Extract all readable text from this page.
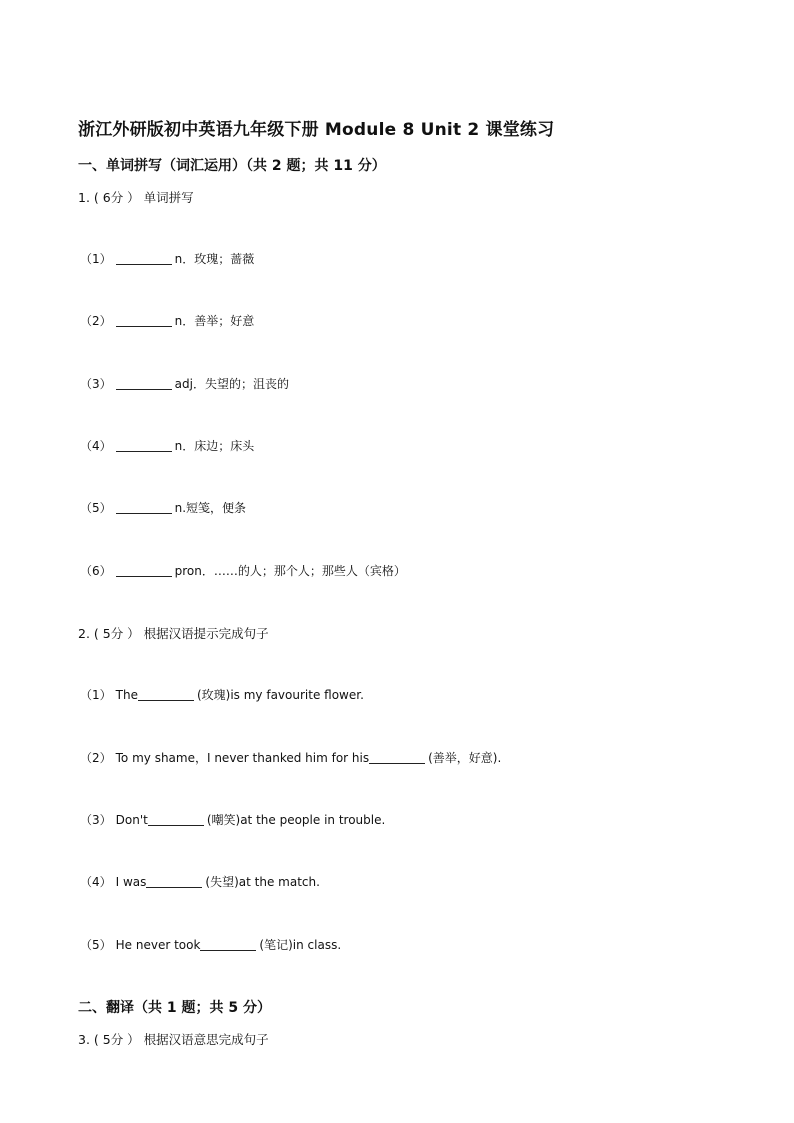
浙江外研版初中英语九年级下册 Module 8 Unit 2 课堂练习
一、单词拼写（词汇运用）（共 2 题；共 11 分）
1. ( 6分 ） 单词拼写
（1）	n．玫瑰；蔷薇
（2）	n．善举；好意
（3）	adj．失望的；沮丧的
（4）	n．床边；床头
（5）	n.短笺，便条
（6）	pron．……的人；那个人；那些人（宾格）
2. ( 5分 ） 根据汉语提示完成句子
（1） The	(玫瑰)is my favourite flower.
（2） To my shame，I never thanked him for his	(善举，好意).
（3） Don't	(嘲笑)at the people in trouble.
（4） I was	(失望)at the match.
（5） He never took	(笔记)in class.
二、翻译（共 1 题；共 5 分）
3. ( 5分 ） 根据汉语意思完成句子
